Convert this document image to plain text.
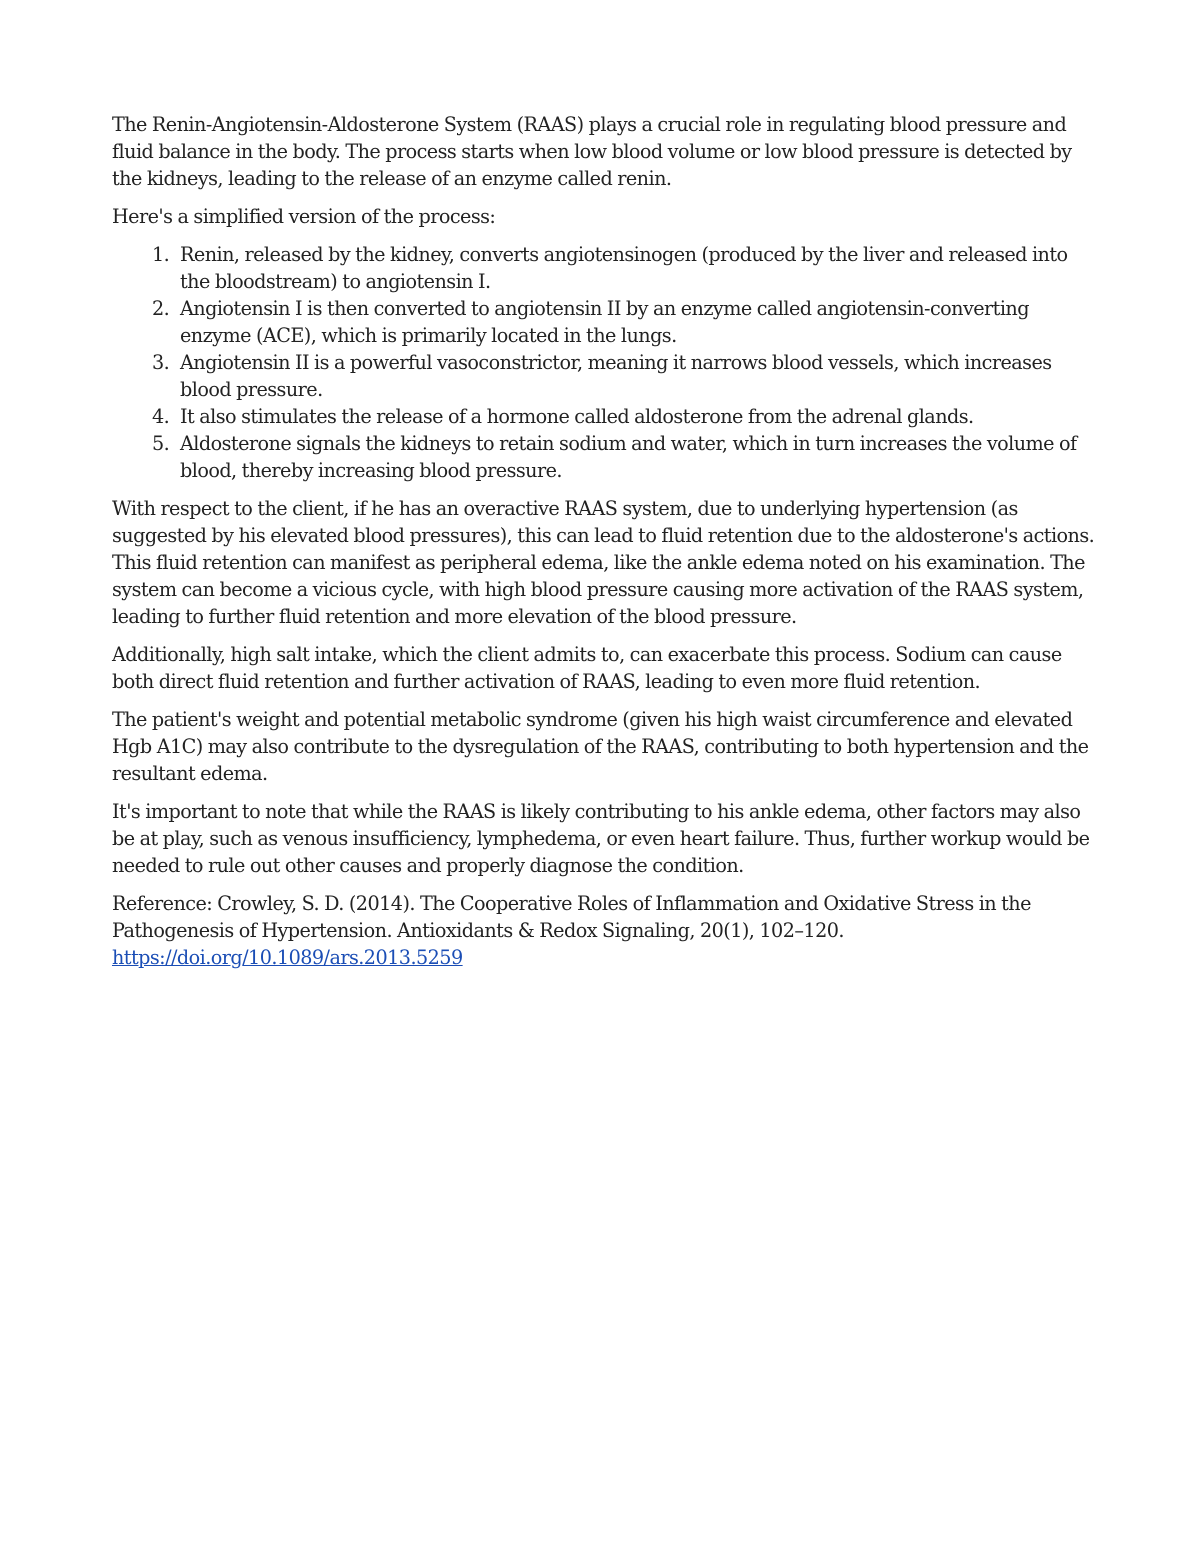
The Renin-Angiotensin-Aldosterone System (RAAS) plays a crucial role in regulating blood pressure and fluid balance in the body. The process starts when low blood volume or low blood pressure is detected by the kidneys, leading to the release of an enzyme called renin.

Here's a simplified version of the process:

1. Renin, released by the kidney, converts angiotensinogen (produced by the liver and released into the bloodstream) to angiotensin I.
2. Angiotensin I is then converted to angiotensin II by an enzyme called angiotensin-converting enzyme (ACE), which is primarily located in the lungs.
3. Angiotensin II is a powerful vasoconstrictor, meaning it narrows blood vessels, which increases blood pressure.
4. It also stimulates the release of a hormone called aldosterone from the adrenal glands.
5. Aldosterone signals the kidneys to retain sodium and water, which in turn increases the volume of blood, thereby increasing blood pressure.

With respect to the client, if he has an overactive RAAS system, due to underlying hypertension (as suggested by his elevated blood pressures), this can lead to fluid retention due to the aldosterone's actions. This fluid retention can manifest as peripheral edema, like the ankle edema noted on his examination. The system can become a vicious cycle, with high blood pressure causing more activation of the RAAS system, leading to further fluid retention and more elevation of the blood pressure.

Additionally, high salt intake, which the client admits to, can exacerbate this process. Sodium can cause both direct fluid retention and further activation of RAAS, leading to even more fluid retention.

The patient's weight and potential metabolic syndrome (given his high waist circumference and elevated Hgb A1C) may also contribute to the dysregulation of the RAAS, contributing to both hypertension and the resultant edema.

It's important to note that while the RAAS is likely contributing to his ankle edema, other factors may also be at play, such as venous insufficiency, lymphedema, or even heart failure. Thus, further workup would be needed to rule out other causes and properly diagnose the condition.

Reference: Crowley, S. D. (2014). The Cooperative Roles of Inflammation and Oxidative Stress in the Pathogenesis of Hypertension. Antioxidants & Redox Signaling, 20(1), 102–120. https://doi.org/10.1089/ars.2013.5259
